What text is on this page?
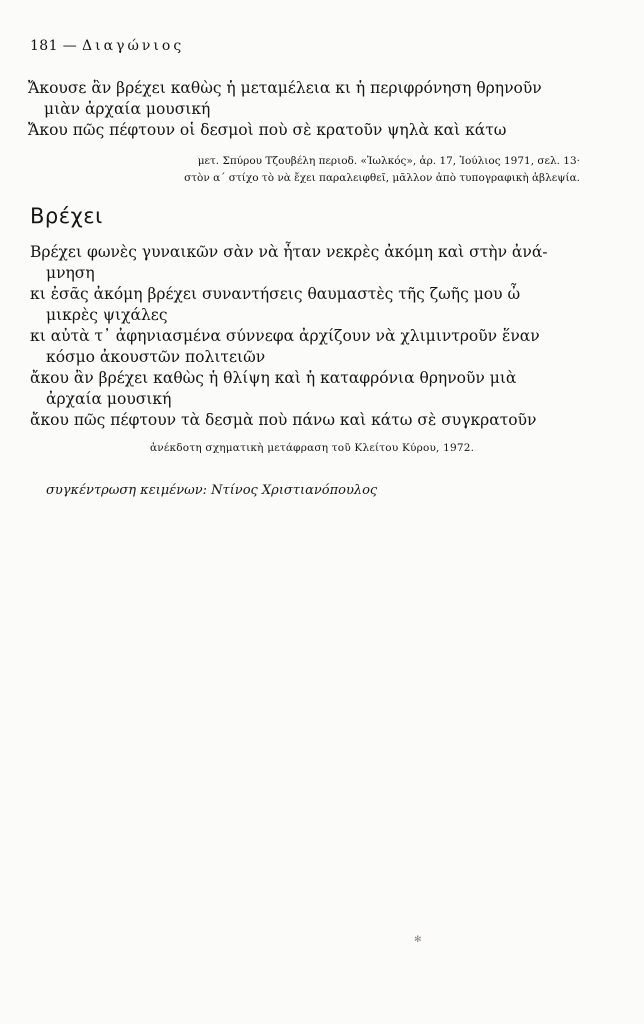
181 — Διαγώνιος
Ἄκουσε ἂν βρέχει καθὼς ἡ μεταμέλεια κι ἡ περιφρόνηση θρηνοῦν
μιὰν ἀρχαία μουσική
Ἄκου πῶς πέφτουν οἱ δεσμοὶ ποὺ σὲ κρατοῦν ψηλὰ καὶ κάτω
μετ. Σπύρου Τζουβέλη περιοδ. «Ἰωλκός», ἀρ. 17, Ἰούλιος 1971, σελ. 13·
στὸν α΄ στίχο τὸ νὰ ἔχει παραλειφθεῖ, μᾶλλον ἀπὸ τυπογραφικὴ ἀβλεψία.
Βρέχει
Βρέχει φωνὲς γυναικῶν σὰν νὰ ἦταν νεκρὲς ἀκόμη καὶ στὴν ἀνά-
μνηση
κι ἐσᾶς ἀκόμη βρέχει συναντήσεις θαυμαστὲς τῆς ζωῆς μου ὦ
μικρὲς ψιχάλες
κι αὐτὰ τ᾽ ἀφηνιασμένα σύννεφα ἀρχίζουν νὰ χλιμιντροῦν ἕναν
κόσμο ἀκουστῶν πολιτειῶν
ἄκου ἂν βρέχει καθὼς ἡ θλίψη καὶ ἡ καταφρόνια θρηνοῦν μιὰ
ἀρχαία μουσική
ἄκου πῶς πέφτουν τὰ δεσμὰ ποὺ πάνω καὶ κάτω σὲ συγκρατοῦν
ἀνέκδοτη σχηματικὴ μετάφραση τοῦ Κλείτου Κύρου, 1972.
συγκέντρωση κειμένων: Ντίνος Χριστιανόπουλος
✻
